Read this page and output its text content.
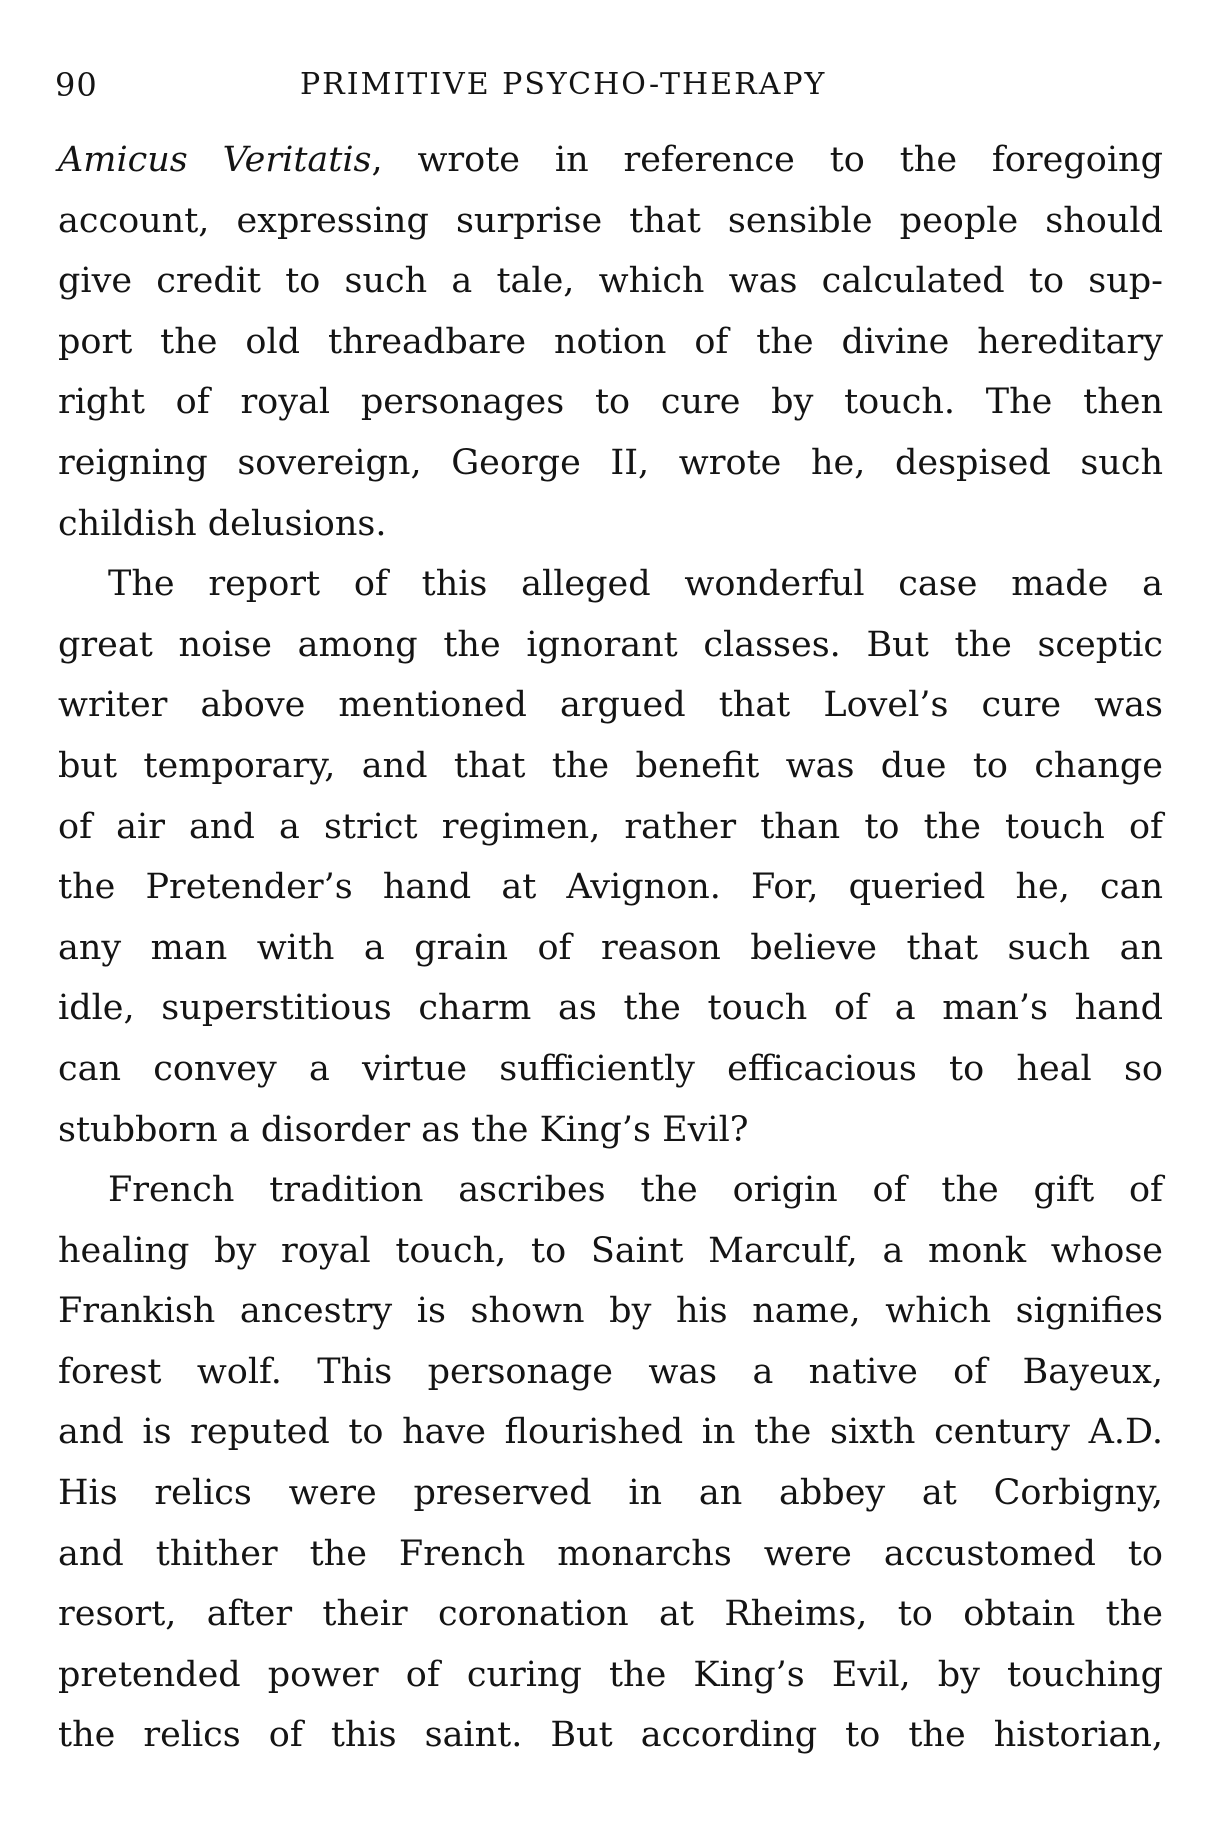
90	PRIMITIVE PSYCHO-THERAPY
Amicus Veritatis, wrote in reference to the foregoing
account, expressing surprise that sensible people should
give credit to such a tale, which was calculated to sup-
port the old threadbare notion of the divine hereditary
right of royal personages to cure by touch. The then
reigning sovereign, George II, wrote he, despised such
childish delusions.
The report of this alleged wonderful case made a
great noise among the ignorant classes. But the sceptic
writer above mentioned argued that Lovel’s cure was
but temporary, and that the benefit was due to change
of air and a strict regimen, rather than to the touch of
the Pretender’s hand at Avignon. For, queried he, can
any man with a grain of reason believe that such an
idle, superstitious charm as the touch of a man’s hand
can convey a virtue sufficiently efficacious to heal so
stubborn a disorder as the King’s Evil?
French tradition ascribes the origin of the gift of
healing by royal touch, to Saint Marculf, a monk whose
Frankish ancestry is shown by his name, which signifies
forest wolf. This personage was a native of Bayeux,
and is reputed to have flourished in the sixth century A.D.
His relics were preserved in an abbey at Corbigny,
and thither the French monarchs were accustomed to
resort, after their coronation at Rheims, to obtain the
pretended power of curing the King’s Evil, by touching
the relics of this saint. But according to the historian,
